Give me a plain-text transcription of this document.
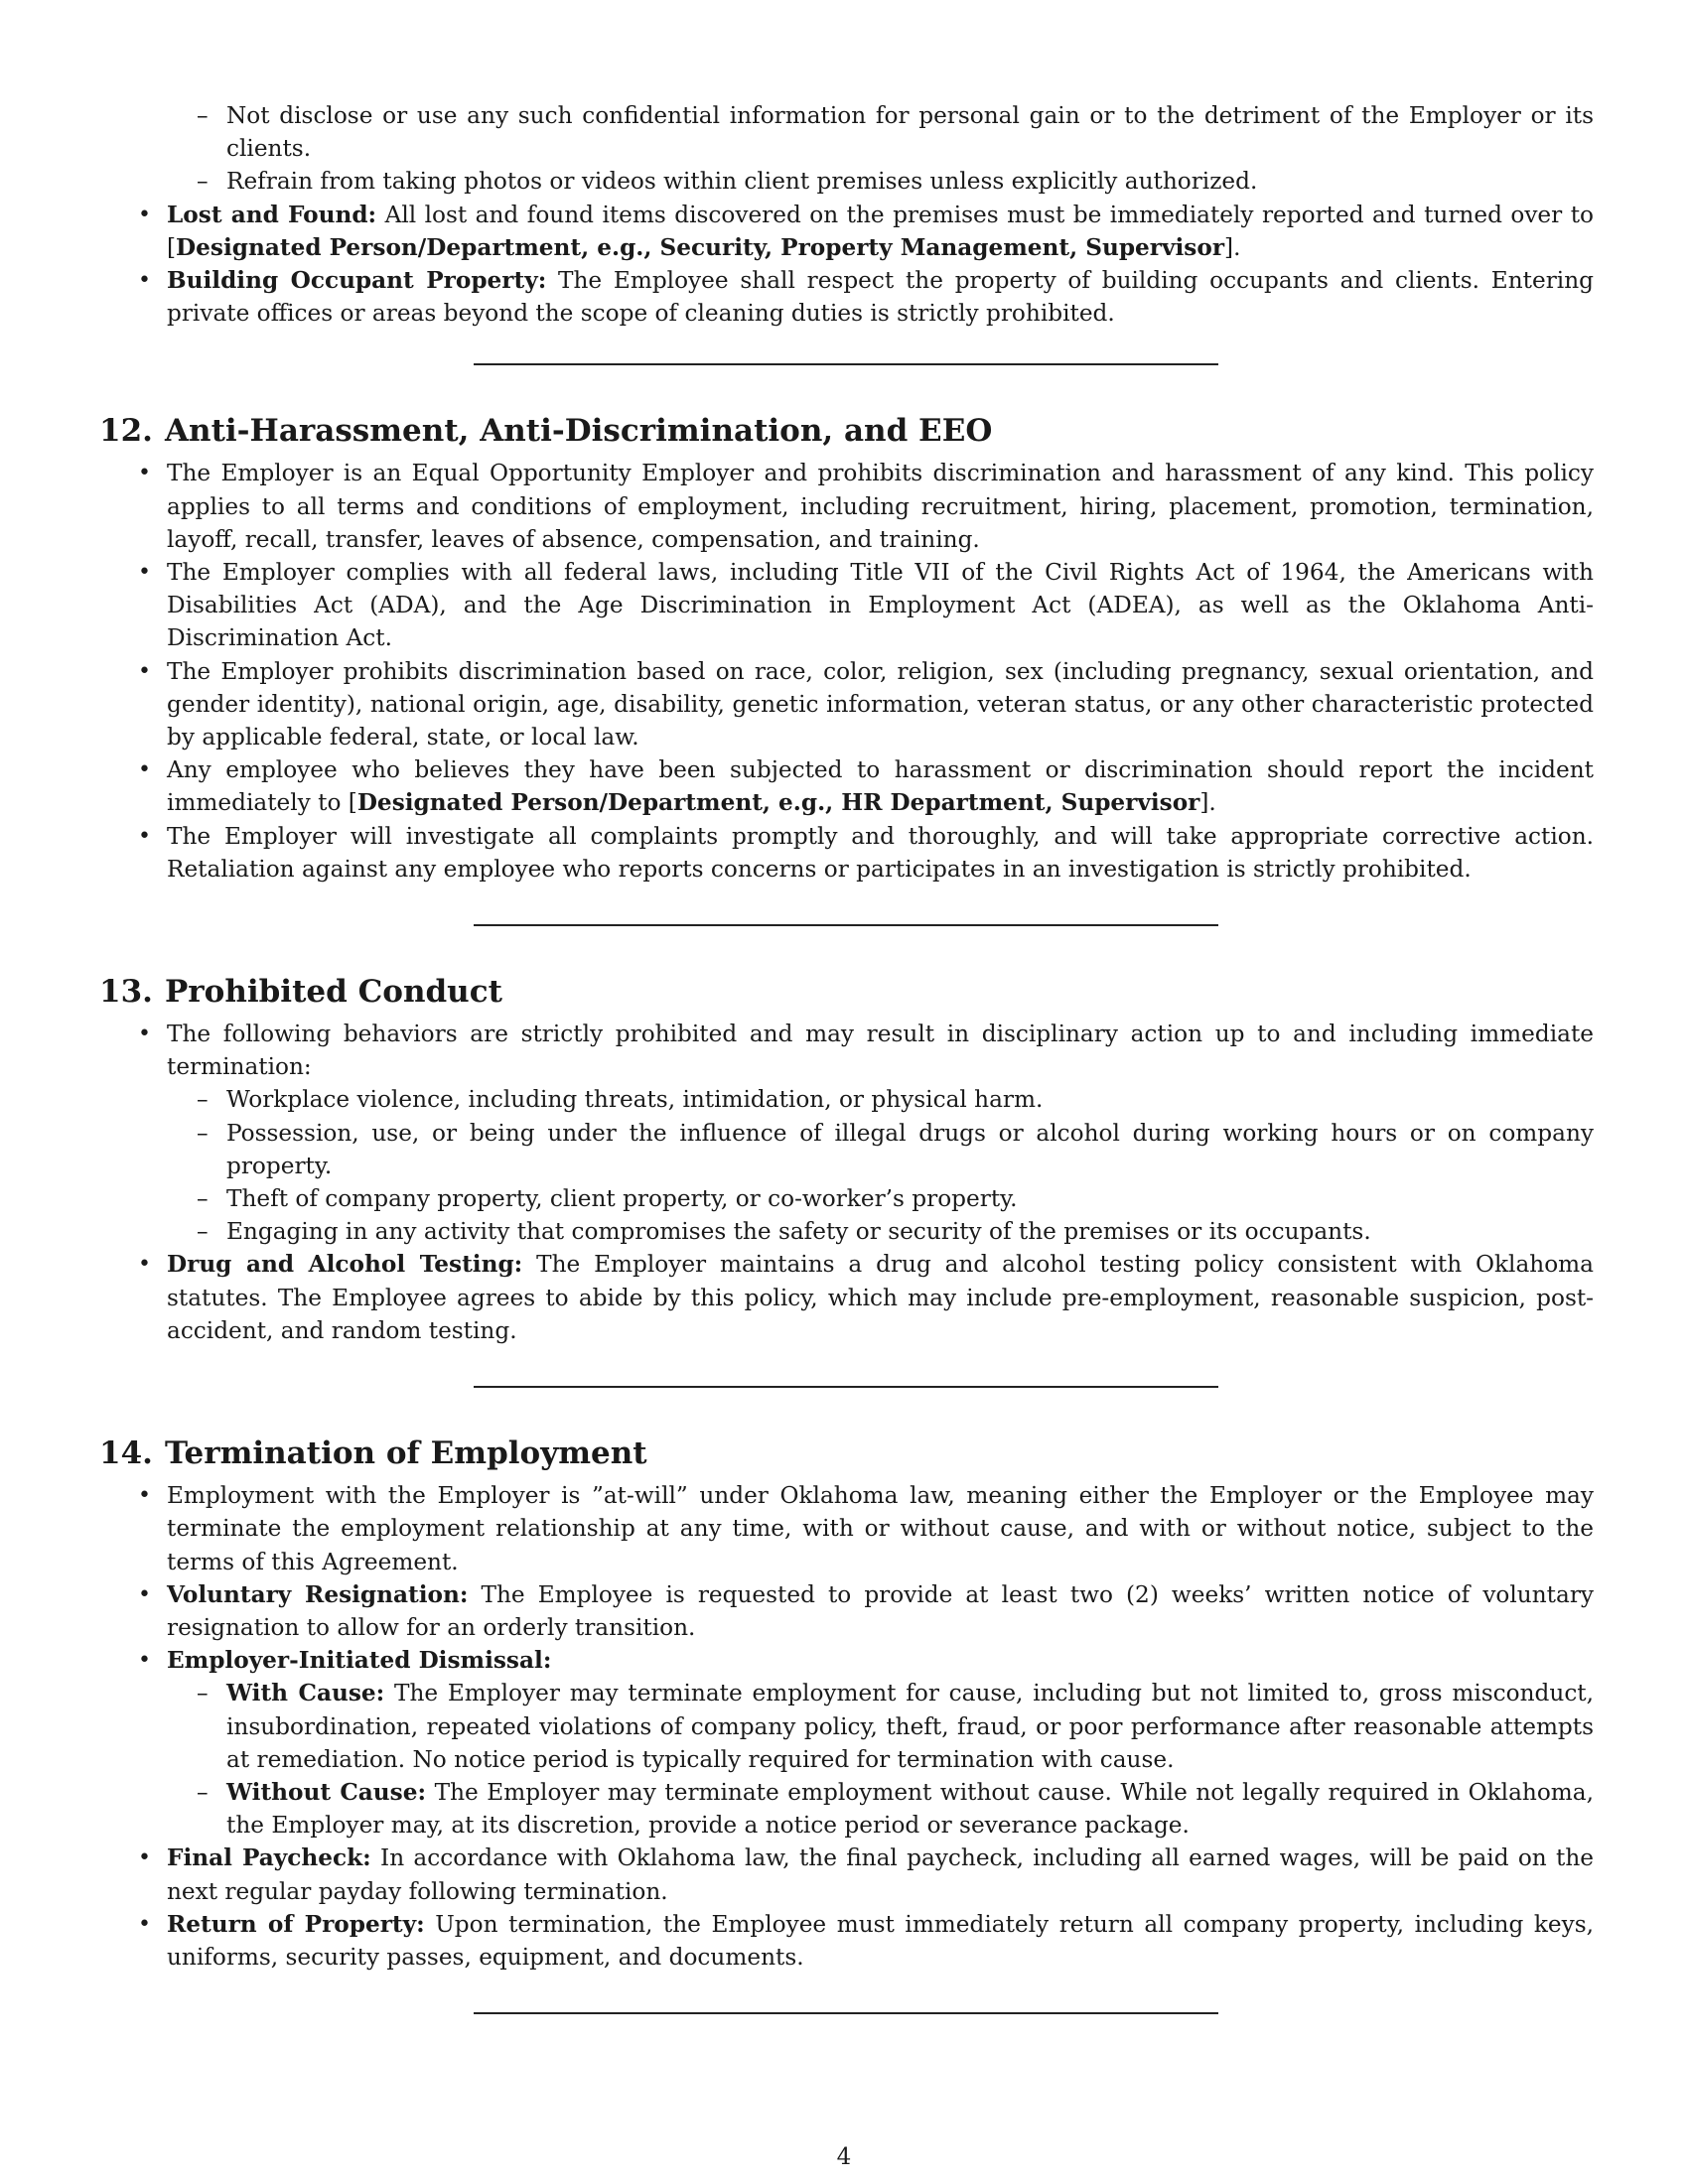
– Not disclose or use any such confidential information for personal gain or to the detriment of the Employer or its clients.
– Refrain from taking photos or videos within client premises unless explicitly authorized.
• Lost and Found: All lost and found items discovered on the premises must be immediately reported and turned over to [Designated Person/Department, e.g., Security, Property Management, Supervisor].
• Building Occupant Property: The Employee shall respect the property of building occupants and clients. Entering private offices or areas beyond the scope of cleaning duties is strictly prohibited.
12. Anti-Harassment, Anti-Discrimination, and EEO
• The Employer is an Equal Opportunity Employer and prohibits discrimination and harassment of any kind. This policy applies to all terms and conditions of employment, including recruitment, hiring, placement, promotion, termination, layoff, recall, transfer, leaves of absence, compensation, and training.
• The Employer complies with all federal laws, including Title VII of the Civil Rights Act of 1964, the Americans with Disabilities Act (ADA), and the Age Discrimination in Employment Act (ADEA), as well as the Oklahoma Anti-Discrimination Act.
• The Employer prohibits discrimination based on race, color, religion, sex (including pregnancy, sexual orientation, and gender identity), national origin, age, disability, genetic information, veteran status, or any other characteristic protected by applicable federal, state, or local law.
• Any employee who believes they have been subjected to harassment or discrimination should report the incident immediately to [Designated Person/Department, e.g., HR Department, Supervisor].
• The Employer will investigate all complaints promptly and thoroughly, and will take appropriate corrective action. Retaliation against any employee who reports concerns or participates in an investigation is strictly prohibited.
13. Prohibited Conduct
• The following behaviors are strictly prohibited and may result in disciplinary action up to and including immediate termination:
– Workplace violence, including threats, intimidation, or physical harm.
– Possession, use, or being under the influence of illegal drugs or alcohol during working hours or on company property.
– Theft of company property, client property, or co-worker’s property.
– Engaging in any activity that compromises the safety or security of the premises or its occupants.
• Drug and Alcohol Testing: The Employer maintains a drug and alcohol testing policy consistent with Oklahoma statutes. The Employee agrees to abide by this policy, which may include pre-employment, reasonable suspicion, post-accident, and random testing.
14. Termination of Employment
• Employment with the Employer is ”at-will” under Oklahoma law, meaning either the Employer or the Employee may terminate the employment relationship at any time, with or without cause, and with or without notice, subject to the terms of this Agreement.
• Voluntary Resignation: The Employee is requested to provide at least two (2) weeks’ written notice of voluntary resignation to allow for an orderly transition.
• Employer-Initiated Dismissal:
– With Cause: The Employer may terminate employment for cause, including but not limited to, gross misconduct, insubordination, repeated violations of company policy, theft, fraud, or poor performance after reasonable attempts at remediation. No notice period is typically required for termination with cause.
– Without Cause: The Employer may terminate employment without cause. While not legally required in Oklahoma, the Employer may, at its discretion, provide a notice period or severance package.
• Final Paycheck: In accordance with Oklahoma law, the final paycheck, including all earned wages, will be paid on the next regular payday following termination.
• Return of Property: Upon termination, the Employee must immediately return all company property, including keys, uniforms, security passes, equipment, and documents.
4
